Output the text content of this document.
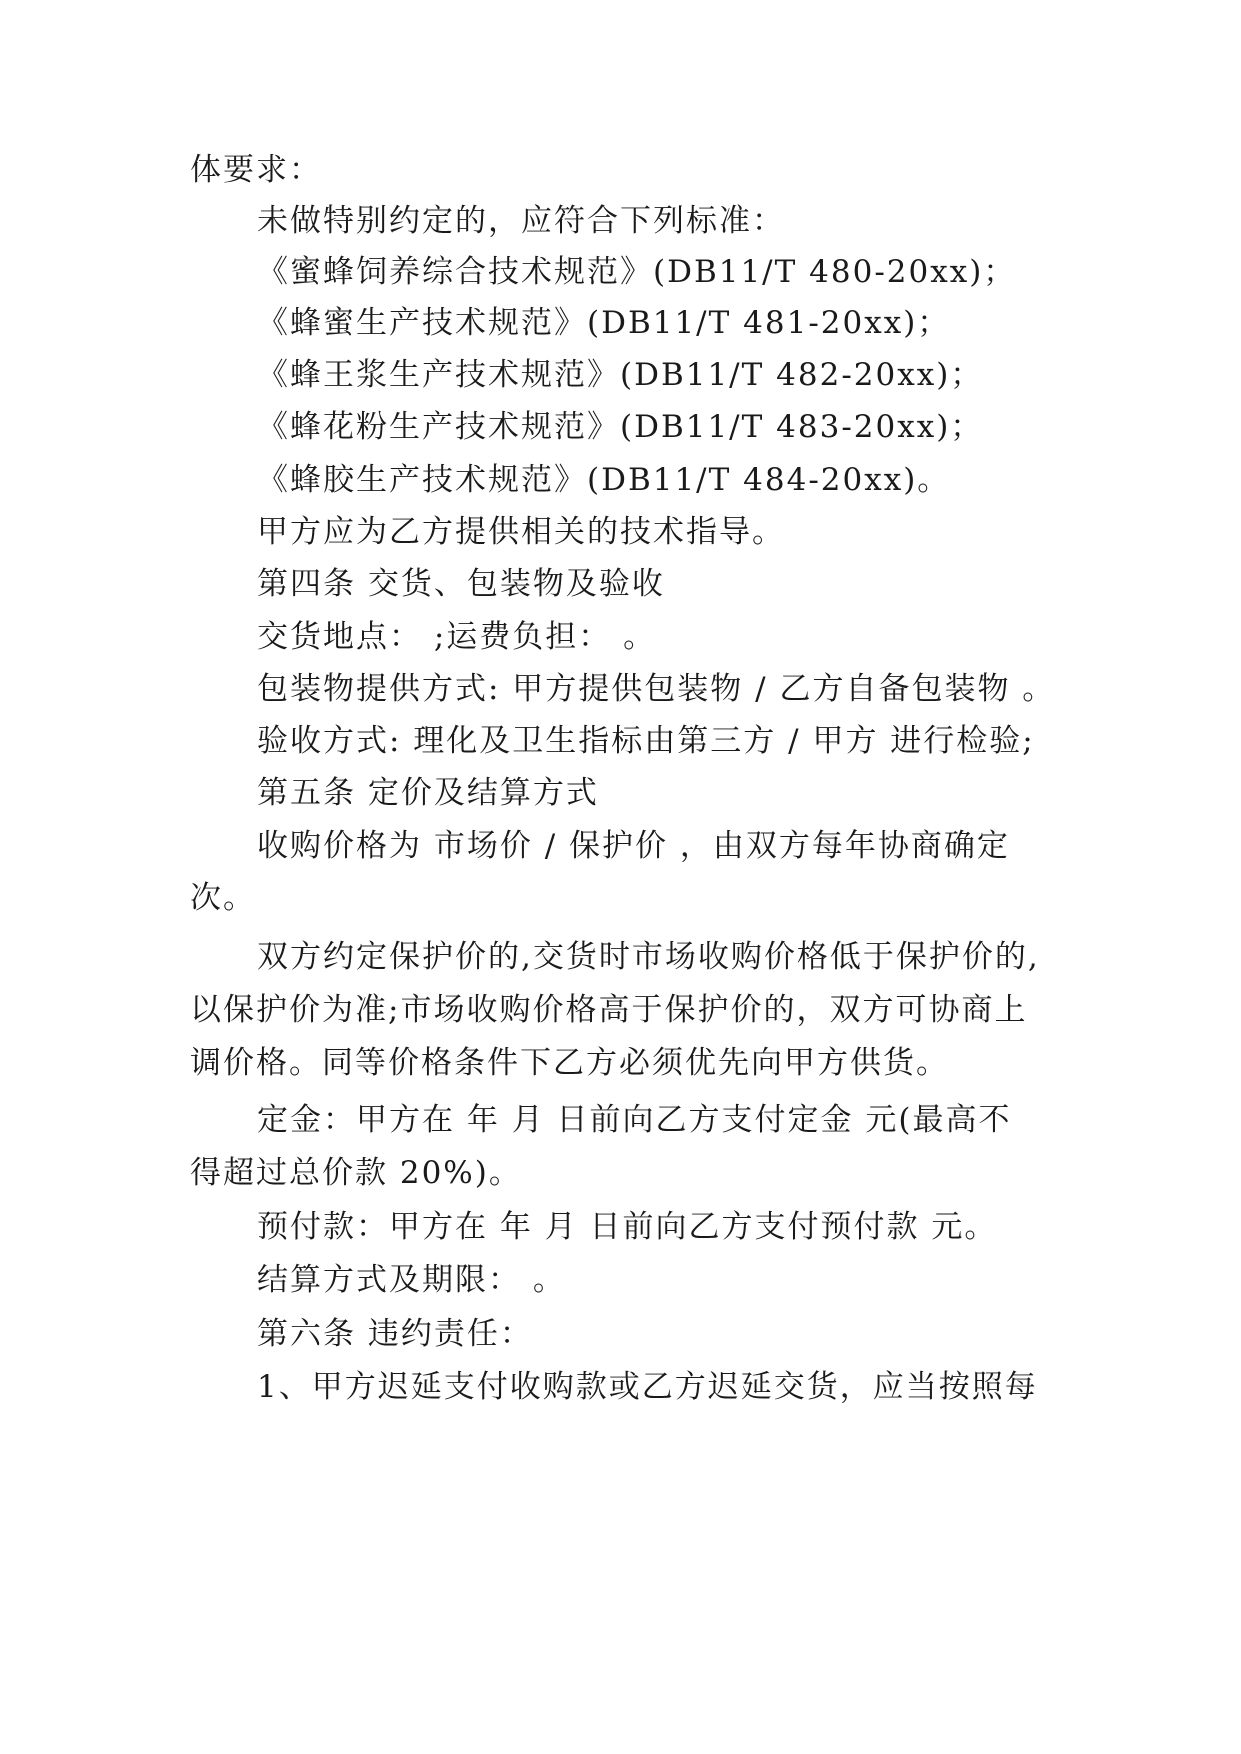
体要求：
未做特别约定的，应符合下列标准：
《蜜蜂饲养综合技术规范》(DB11/T 480-20xx)；
《蜂蜜生产技术规范》(DB11/T 481-20xx)；
《蜂王浆生产技术规范》(DB11/T 482-20xx)；
《蜂花粉生产技术规范》(DB11/T 483-20xx)；
《蜂胶生产技术规范》(DB11/T 484-20xx)。
甲方应为乙方提供相关的技术指导。
第四条 交货、包装物及验收
交货地点： ;运费负担： 。
包装物提供方式: 甲方提供包装物 / 乙方自备包装物 。
验收方式: 理化及卫生指标由第三方 / 甲方 进行检验;
第五条 定价及结算方式
收购价格为 市场价 / 保护价 ，由双方每年协商确定
次。
双方约定保护价的,交货时市场收购价格低于保护价的,
以保护价为准;市场收购价格高于保护价的，双方可协商上
调价格。同等价格条件下乙方必须优先向甲方供货。
定金：甲方在 年 月 日前向乙方支付定金 元(最高不
得超过总价款 20%)。
预付款：甲方在 年 月 日前向乙方支付预付款 元。
结算方式及期限： 。
第六条 违约责任：
1、甲方迟延支付收购款或乙方迟延交货，应当按照每
